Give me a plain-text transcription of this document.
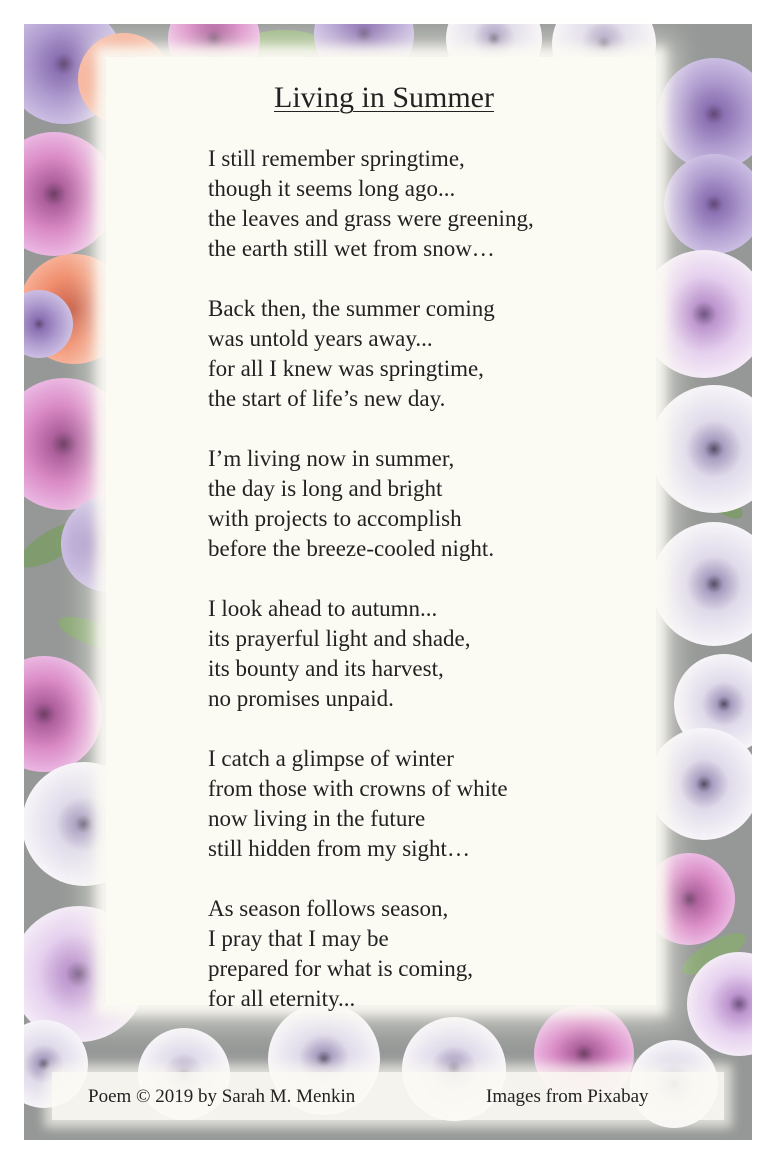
Living in Summer
I still remember springtime,
though it seems long ago...
the leaves and grass were greening,
the earth still wet from snow…
Back then, the summer coming
was untold years away...
for all I knew was springtime,
the start of life’s new day.
I’m living now in summer,
the day is long and bright
with projects to accomplish
before the breeze-cooled night.
I look ahead to autumn...
its prayerful light and shade,
its bounty and its harvest,
no promises unpaid.
I catch a glimpse of winter
from those with crowns of white
now living in the future
still hidden from my sight…
As season follows season,
I pray that I may be
prepared for what is coming,
for all eternity...
Poem © 2019 by Sarah M. Menkin	Images from Pixabay
